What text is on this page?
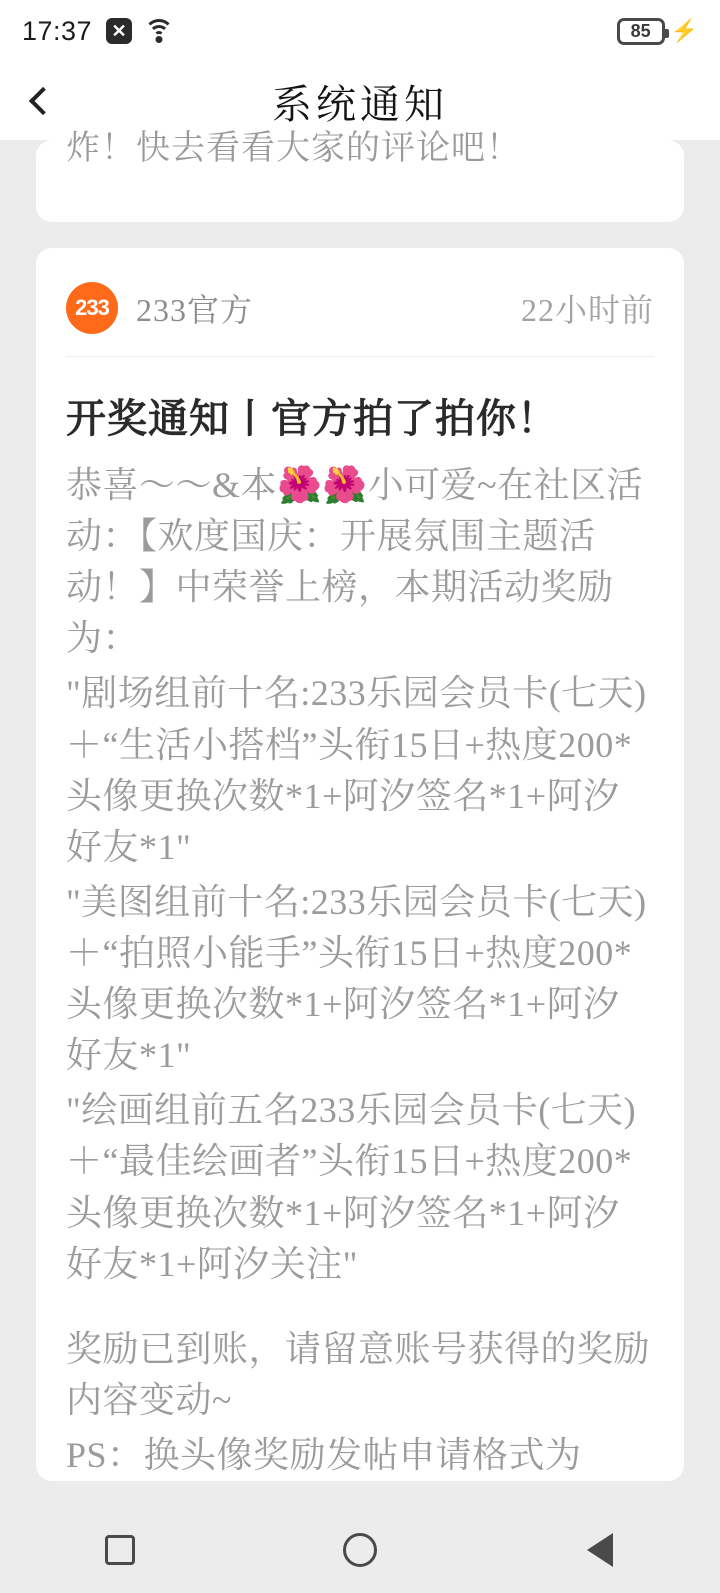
17:37	✕	85 ⚡
系统通知
炸！快去看看大家的评论吧！
233 233官方	22小时前
开奖通知丨官方拍了拍你！

恭喜～～&本🌺🌺小可爱~在社区活动：【欢度国庆：开展氛围主题活动！】中荣誉上榜，本期活动奖励为：

"剧场组前十名:233乐园会员卡(七天)＋“生活小搭档”头衔15日+热度200*头像更换次数*1+阿汐签名*1+阿汐好友*1"

"美图组前十名:233乐园会员卡(七天)＋“拍照小能手”头衔15日+热度200*头像更换次数*1+阿汐签名*1+阿汐好友*1"

"绘画组前五名233乐园会员卡(七天)＋“最佳绘画者”头衔15日+热度200*头像更换次数*1+阿汐签名*1+阿汐好友*1+阿汐关注"

奖励已到账，请留意账号获得的奖励内容变动~

PS：换头像奖励发帖申请格式为
